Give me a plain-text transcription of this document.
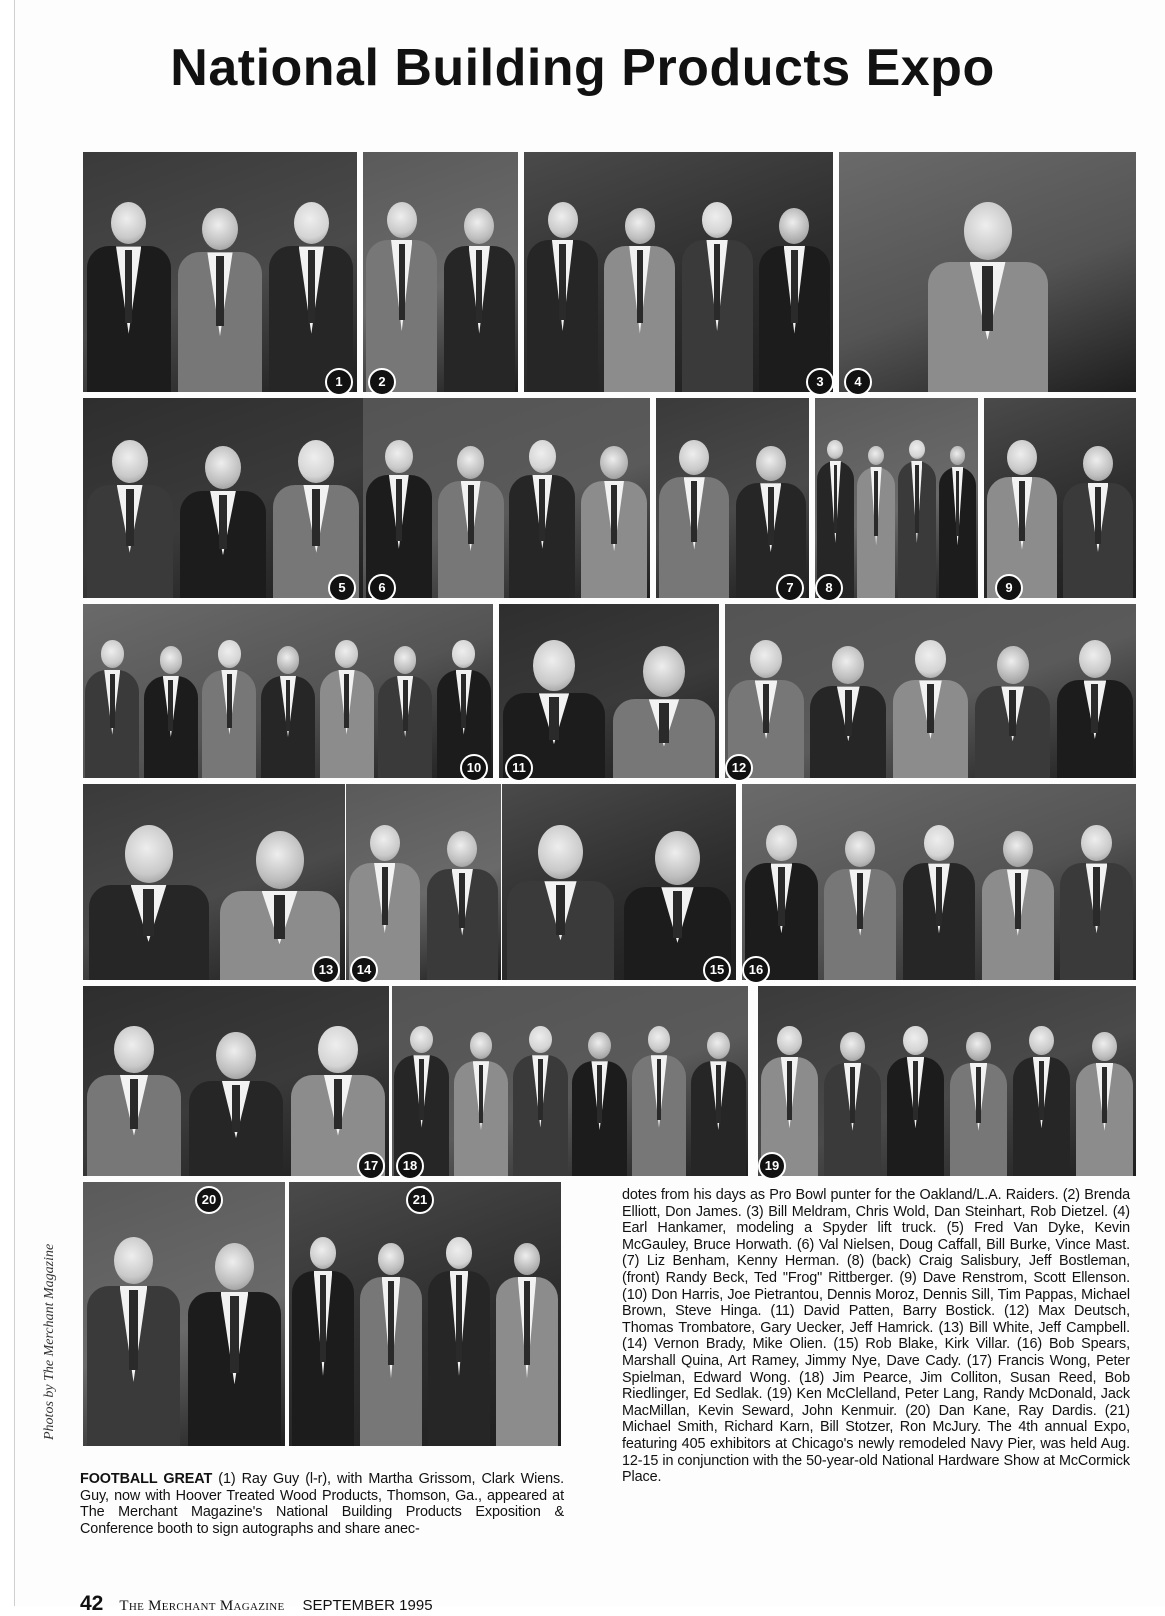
National Building Products Expo
1	2	3	4
5	6	7	8	9
10	11	12
13	14	15	16
17	18	19
20	21
Photos by The Merchant Magazine
FOOTBALL GREAT (1) Ray Guy (l-r), with Martha Grissom, Clark Wiens. Guy, now with Hoover Treated Wood Products, Thomson, Ga., appeared at The Merchant Magazine's National Building Products Exposition & Conference booth to sign autographs and share anec-
dotes from his days as Pro Bowl punter for the Oakland/L.A. Raiders. (2) Brenda Elliott, Don James. (3) Bill Meldram, Chris Wold, Dan Steinhart, Rob Dietzel. (4) Earl Hankamer, modeling a Spyder lift truck. (5) Fred Van Dyke, Kevin McGauley, Bruce Horwath. (6) Val Nielsen, Doug Caffall, Bill Burke, Vince Mast. (7) Liz Benham, Kenny Herman. (8) (back) Craig Salisbury, Jeff Bostleman, (front) Randy Beck, Ted "Frog" Rittberger. (9) Dave Renstrom, Scott Ellenson. (10) Don Harris, Joe Pietrantou, Dennis Moroz, Dennis Sill, Tim Pappas, Michael Brown, Steve Hinga. (11) David Patten, Barry Bostick. (12) Max Deutsch, Thomas Trombatore, Gary Uecker, Jeff Hamrick. (13) Bill White, Jeff Campbell. (14) Vernon Brady, Mike Olien. (15) Rob Blake, Kirk Villar. (16) Bob Spears, Marshall Quina, Art Ramey, Jimmy Nye, Dave Cady. (17) Francis Wong, Peter Spielman, Edward Wong. (18) Jim Pearce, Jim Colliton, Susan Reed, Bob Riedlinger, Ed Sedlak. (19) Ken McClelland, Peter Lang, Randy McDonald, Jack MacMillan, Kevin Seward, John Kenmuir. (20) Dan Kane, Ray Dardis. (21) Michael Smith, Richard Karn, Bill Stotzer, Ron McJury. The 4th annual Expo, featuring 405 exhibitors at Chicago's newly remodeled Navy Pier, was held Aug. 12-15 in conjunction with the 50-year-old National Hardware Show at McCormick Place.
42 The Merchant Magazine SEPTEMBER 1995
